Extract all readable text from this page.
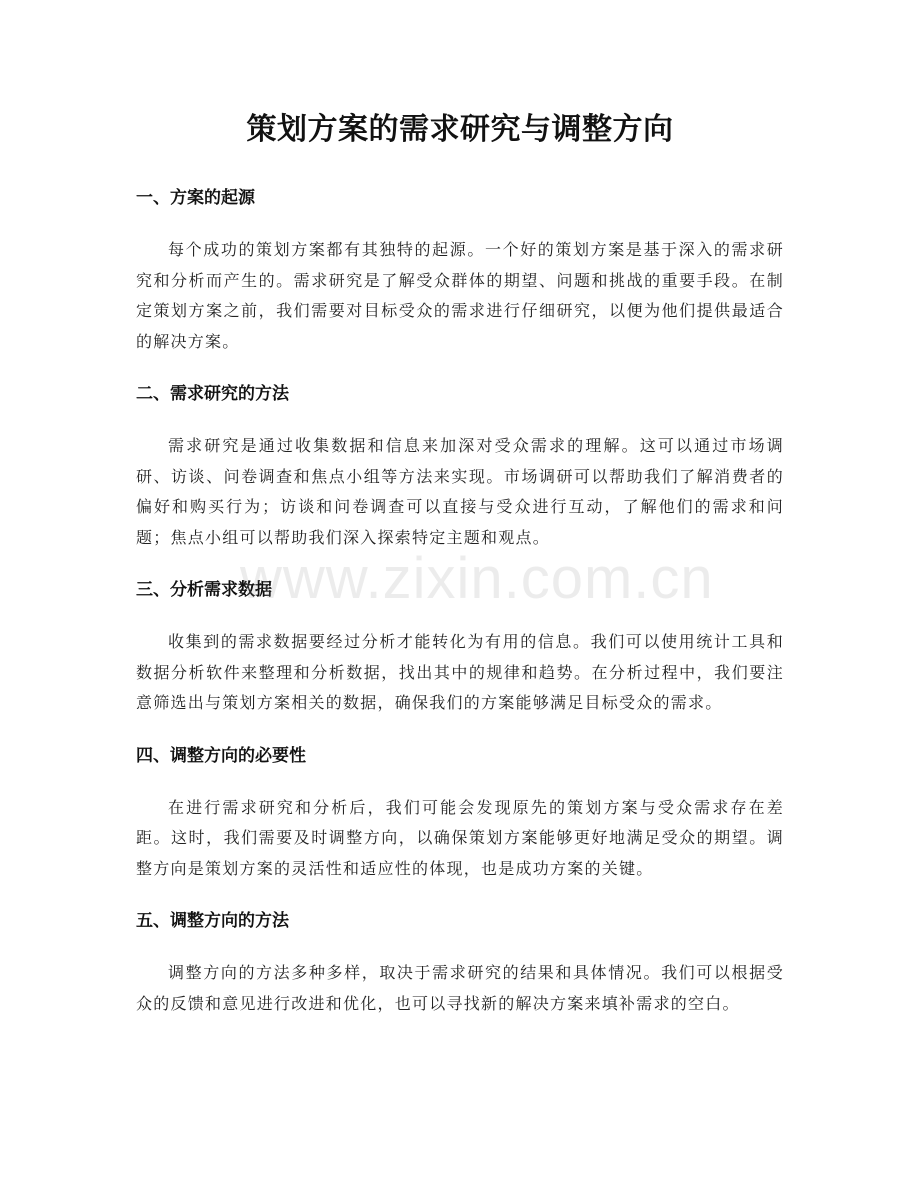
策划方案的需求研究与调整方向
一、方案的起源

每个成功的策划方案都有其独特的起源。一个好的策划方案是基于深入的需求研究和分析而产生的。需求研究是了解受众群体的期望、问题和挑战的重要手段。在制定策划方案之前，我们需要对目标受众的需求进行仔细研究，以便为他们提供最适合的解决方案。

二、需求研究的方法

需求研究是通过收集数据和信息来加深对受众需求的理解。这可以通过市场调研、访谈、问卷调查和焦点小组等方法来实现。市场调研可以帮助我们了解消费者的偏好和购买行为；访谈和问卷调查可以直接与受众进行互动，了解他们的需求和问题；焦点小组可以帮助我们深入探索特定主题和观点。

三、分析需求数据

收集到的需求数据要经过分析才能转化为有用的信息。我们可以使用统计工具和数据分析软件来整理和分析数据，找出其中的规律和趋势。在分析过程中，我们要注意筛选出与策划方案相关的数据，确保我们的方案能够满足目标受众的需求。

四、调整方向的必要性

在进行需求研究和分析后，我们可能会发现原先的策划方案与受众需求存在差距。这时，我们需要及时调整方向，以确保策划方案能够更好地满足受众的期望。调整方向是策划方案的灵活性和适应性的体现，也是成功方案的关键。

五、调整方向的方法

调整方向的方法多种多样，取决于需求研究的结果和具体情况。我们可以根据受众的反馈和意见进行改进和优化，也可以寻找新的解决方案来填补需求的空白。

www.zixin.com.cn
